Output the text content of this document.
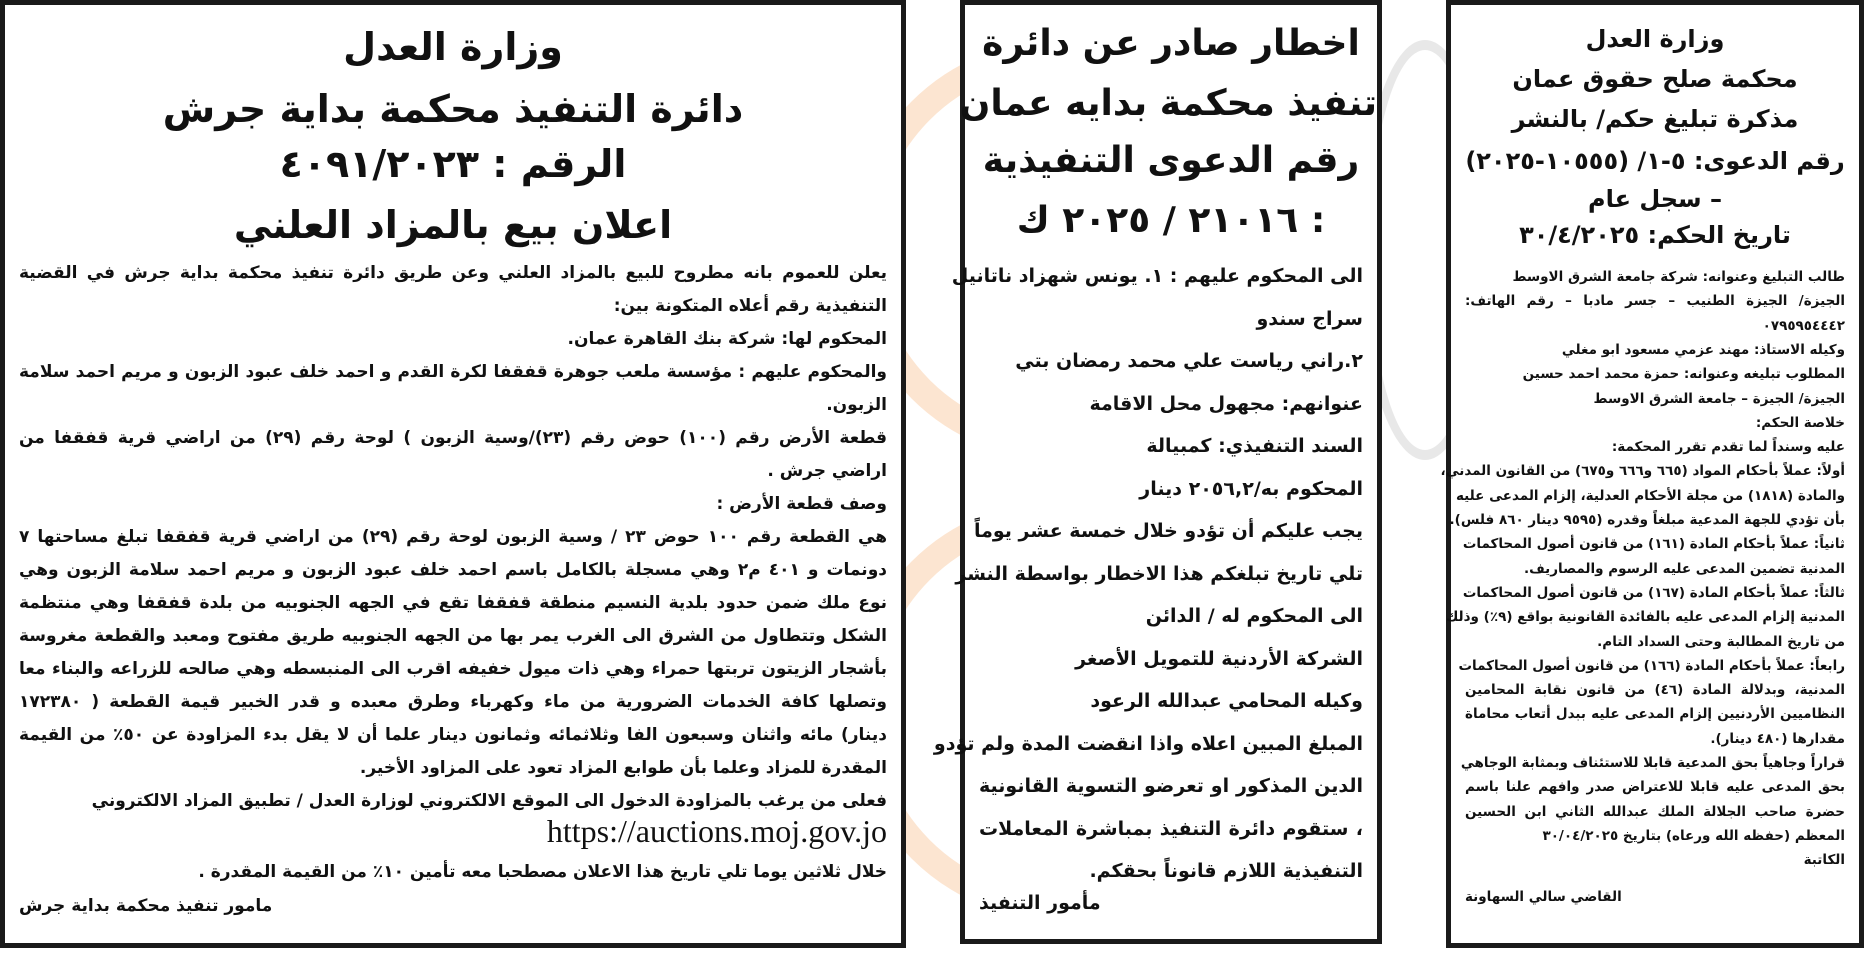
وزارة العدل
دائرة التنفيذ محكمة بداية جرش
الرقم : ٤٠٩١/٢٠٢٣
اعلان بيع بالمزاد العلني
يعلن للعموم بانه مطروح للبيع بالمزاد العلني وعن طريق دائرة تنفيذ محكمة بداية جرش في القضية
التنفيذية رقم أعلاه المتكونة بين:
المحكوم لها: شركة بنك القاهرة عمان.
والمحكوم عليهم : مؤسسة ملعب جوهرة قفقفا لكرة القدم و احمد خلف عبود الزبون و مريم احمد سلامة
الزبون.
قطعة الأرض رقم (١٠٠) حوض رقم (٢٣)/وسية الزبون ) لوحة رقم (٢٩) من اراضي قرية قفقفا من
اراضي جرش .
وصف قطعة الأرض :
هي القطعة رقم ١٠٠ حوض ٢٣ / وسية الزبون لوحة رقم (٢٩) من اراضي قرية قفقفا تبلغ مساحتها ٧
دونمات و ٤٠١ م٢ وهي مسجلة بالكامل باسم احمد خلف عبود الزبون و مريم احمد سلامة الزبون وهي
نوع ملك ضمن حدود بلدية النسيم منطقة قفقفا تقع في الجهه الجنوبيه من بلدة قفقفا وهي منتظمة
الشكل وتتطاول من الشرق الى الغرب يمر بها من الجهه الجنوبيه طريق مفتوح ومعبد والقطعة مغروسة
بأشجار الزيتون تربتها حمراء وهي ذات ميول خفيفه اقرب الى المنبسطه وهي صالحه للزراعه والبناء معا
وتصلها كافة الخدمات الضرورية من ماء وكهرباء وطرق معبده و قدر الخبير قيمة القطعة ( ١٧٢٣٨٠
دينار) مائه واثنان وسبعون الفا وثلاثمائه وثمانون دينار علما أن لا يقل بدء المزاودة عن ٥٠٪ من القيمة
المقدرة للمزاد وعلما بأن طوابع المزاد تعود على المزاود الأخير.
فعلى من يرغب بالمزاودة الدخول الى الموقع الالكتروني لوزارة العدل / تطبيق المزاد الالكتروني
https://auctions.moj.gov.jo
خلال ثلاثين يوما تلي تاريخ هذا الاعلان مصطحبا معه تأمين ١٠٪ من القيمة المقدرة .
مامور تنفيذ محكمة بداية جرش
اخطار صادر عن دائرة
تنفيذ محكمة بدايه عمان
رقم الدعوى التنفيذية
: ٢١٠١٦ / ٢٠٢٥ ك
الى المحكوم عليهم : ١. يونس شهزاد ناتانيل
سراج سندو
٢.راني رياست علي محمد رمضان بتي
عنوانهم: مجهول محل الاقامة
السند التنفيذي: كمبيالة
المحكوم به/٢٠٥٦,٢ دينار
يجب عليكم أن تؤدو خلال خمسة عشر يوماً
تلي تاريخ تبلغكم هذا الاخطار بواسطة النشر
الى المحكوم له / الدائن
الشركة الأردنية للتمويل الأصغر
وكيله المحامي عبدالله الرعود
المبلغ المبين اعلاه واذا انقضت المدة ولم تؤدو
الدين المذكور او تعرضو التسوية القانونية
، ستقوم دائرة التنفيذ بمباشرة المعاملات
التنفيذية اللازم قانوناً بحقكم.
مأمور التنفيذ
وزارة العدل
محكمة صلح حقوق عمان
مذكرة تبليغ حكم/ بالنشر
رقم الدعوى: ٥-١/ (١٠٥٥٥-٢٠٢٥)
– سجل عام
تاريخ الحكم: ٣٠/٤/٢٠٢٥
طالب التبليغ وعنوانه: شركة جامعة الشرق الاوسط
الجيزة/ الجيزة الطنيب – جسر مادبا – رقم الهاتف:
٠٧٩٥٩٥٤٤٤٢
وكيله الاستاذ: مهند عزمي مسعود ابو مغلي
المطلوب تبليغه وعنوانه: حمزة محمد احمد حسين
الجيزة/ الجيزة – جامعة الشرق الاوسط
خلاصة الحكم:
عليه وسنداً لما تقدم تقرر المحكمة:
أولاً: عملاً بأحكام المواد (٦٦٥ و٦٦٦ و٦٧٥) من القانون المدني،
والمادة (١٨١٨) من مجلة الأحكام العدلية، إلزام المدعى عليه
بأن تؤدي للجهة المدعية مبلغاً وقدره (٩٥٩٥ دينار ٨٦٠ فلس).
ثانياً: عملاً بأحكام المادة (١٦١) من قانون أصول المحاكمات
المدنية تضمين المدعى عليه الرسوم والمصاريف.
ثالثاً: عملاً بأحكام المادة (١٦٧) من قانون أصول المحاكمات
المدنية إلزام المدعى عليه بالفائدة القانونية بواقع (٩٪) وذلك
من تاريخ المطالبة وحتى السداد التام.
رابعاً: عملاً بأحكام المادة (١٦٦) من قانون أصول المحاكمات
المدنية، وبدلالة المادة (٤٦) من قانون نقابة المحامين
النظاميين الأردنيين إلزام المدعى عليه ببدل أتعاب محاماة
مقدارها (٤٨٠ دينار).
قراراً وجاهياً بحق المدعية قابلا للاستئناف وبمثابة الوجاهي
بحق المدعى عليه قابلا للاعتراض صدر وافهم علنا باسم
حضرة صاحب الجلالة الملك عبدالله الثاني ابن الحسين
المعظم (حفظه الله ورعاه) بتاريخ ٣٠/٠٤/٢٠٢٥
الكاتبة
القاضي سالي السهاونة
